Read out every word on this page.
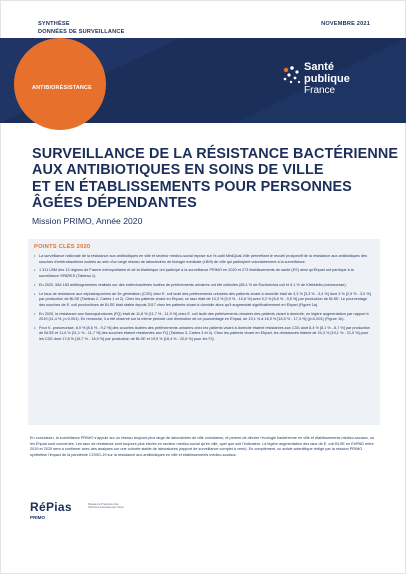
SYNTHÈSE
DONNÉES DE SURVEILLANCE
NOVEMBRE 2021
ANTIBIORÉSISTANCE
Santé
publique
France
SURVEILLANCE DE LA RÉSISTANCE BACTÉRIENNE
AUX ANTIBIOTIQUES EN SOINS DE VILLE
ET EN ÉTABLISSEMENTS POUR PERSONNES
ÂGÉES DÉPENDANTES
Mission PRIMO, Année 2020
POINTS CLÉS 2020
• La surveillance nationale de la résistance aux antibiotiques en ville et secteur médico-social repose sur l'e-outil MedQual-Ville permettant le recueil prospectif de la résistance aux antibiotiques des souches d'entérobactéries isolées au sein d'un large réseau de laboratoires de biologie médicale (LBM) de ville qui participent volontairement à la surveillance.
• 1 311 LBM des 13 régions de France métropolitaine et de la Martinique ont participé à la surveillance PRIMO en 2020 et 273 établissements de santé (ES) ainsi qu'Ehpad ont participé à la surveillance SPARES (Tableau 1).
• En 2020, 584 183 antibiogrammes réalisés sur des entérobactéries isolées de prélèvements urinaires ont été collectés (86,1 % de Escherichia coli et 9,1 % de Klebsiella pneumoniae).
• Le taux de résistance aux céphalosporines de 3e génération (C3G) chez E. coli isolé des prélèvements urinaires des patients vivant à domicile était de 3,3 % [3,3 % - 3,4 %] dont 3 % [2,9 % - 3,0 %] par production de BLSE (Tableau 2, Cartes 1 et 2). Chez les patients vivant en Ehpad, ce taux était de 10,3 % [9,9 % - 10,6 %] avec 9,2 % [8,8 % - 9,5 %] par production de BLSE. Le pourcentage des souches de E. coli productrices de BLSE était stable depuis 2017 chez les patients vivant à domicile alors qu'il augmentait significativement en Ehpad (Figure 1a).
• En 2020, la résistance aux fluoroquinolones (FQ) était de 11,8 % [11,7 % - 11,9 %] chez E. coli isolé des prélèvements urinaires des patients vivant à domicile, en légère augmentation par rapport à 2019 (11,4 %, p<0,001). En revanche, il a été observé sur la même période une diminution de ce pourcentage en Ehpad, de 19,1 % à 16,9 % [16,5 % - 17,3 %] (p<0,001) (Figure 1b).
• Pour K. pneumoniae, 8,9 % [8,6 % - 9,2 %] des souches isolées des prélèvements urinaires chez les patients vivant à domicile étaient résistantes aux C3G dont 8,4 % [8,1 % - 8,7 %] par production de BLSE et 11,6 % [11,1 % - 11,7 %] des souches étaient résistantes aux FQ (Tableau 3, Cartes 3 et 4). Chez les patients vivant en Ehpad, les résistances étaient de 20,3 % [19,1 % - 21,5 %] pour les C3G dont 17,8 % [16,7 % - 18,9 %] par production de BLSE et 19,5 % [18,4 % - 20,6 %] pour les FQ.
En conclusion, la surveillance PRIMO s'appuie sur un réseau toujours plus large de laboratoires de ville volontaires, et permet de décrire l'écologie bactérienne en ville et établissements médico-sociaux, où les Ehpad sont concernés. Les taux de résistance sont toujours plus élevés en secteur médico-social qu'en ville, quel que soit l'indicateur. La légère augmentation des taux de E. coli BLSE en EHPAD entre 2019 et 2020 sera à confirmer avec des analyses sur une cohorte stable de laboratoires (rapport de surveillance complet à venir). En complément, un article scientifique rédigé par la mission PRIMO synthétise l'impact de la pandémie COVID-19 sur la résistance aux antibiotiques en ville et établissements médico-sociaux.
RéPias
PRIMO
Réseau de Prévention des Infections Associées aux Soins
